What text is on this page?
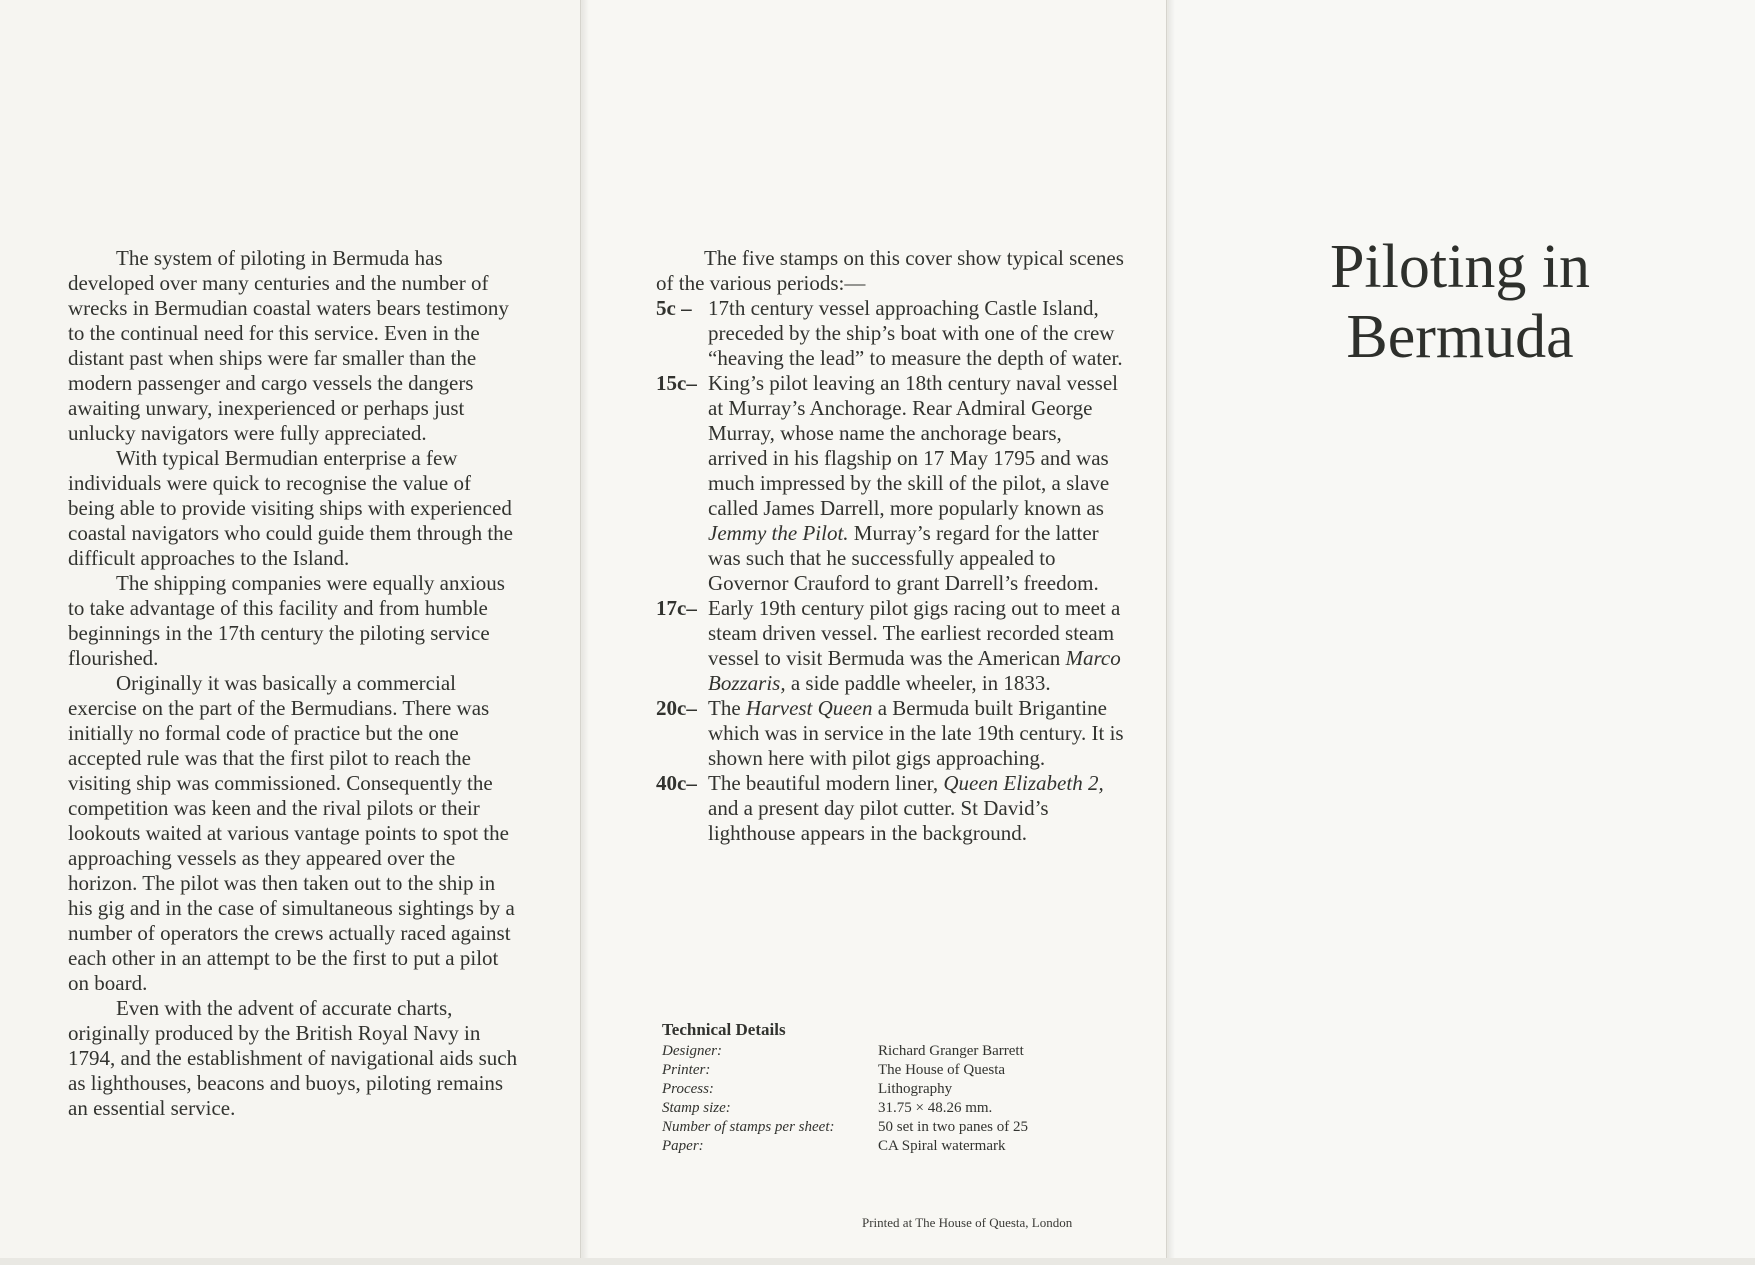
The system of piloting in Bermuda has developed over many centuries and the number of wrecks in Bermudian coastal waters bears testimony to the continual need for this service. Even in the distant past when ships were far smaller than the modern passenger and cargo vessels the dangers awaiting unwary, inexperienced or perhaps just unlucky navigators were fully appreciated.

With typical Bermudian enterprise a few individuals were quick to recognise the value of being able to provide visiting ships with experienced coastal navigators who could guide them through the difficult approaches to the Island.

The shipping companies were equally anxious to take advantage of this facility and from humble beginnings in the 17th century the piloting service flourished.

Originally it was basically a commercial exercise on the part of the Bermudians. There was initially no formal code of practice but the one accepted rule was that the first pilot to reach the visiting ship was commissioned. Consequently the competition was keen and the rival pilots or their lookouts waited at various vantage points to spot the approaching vessels as they appeared over the horizon. The pilot was then taken out to the ship in his gig and in the case of simultaneous sightings by a number of operators the crews actually raced against each other in an attempt to be the first to put a pilot on board.

Even with the advent of accurate charts, originally produced by the British Royal Navy in 1794, and the establishment of navigational aids such as lighthouses, beacons and buoys, piloting remains an essential service.

The five stamps on this cover show typical scenes of the various periods:—

5c – 17th century vessel approaching Castle Island, preceded by the ship’s boat with one of the crew “heaving the lead” to measure the depth of water.
15c– King’s pilot leaving an 18th century naval vessel at Murray’s Anchorage. Rear Admiral George Murray, whose name the anchorage bears, arrived in his flagship on 17 May 1795 and was much impressed by the skill of the pilot, a slave called James Darrell, more popularly known as Jemmy the Pilot. Murray’s regard for the latter was such that he successfully appealed to Governor Crauford to grant Darrell’s freedom.
17c– Early 19th century pilot gigs racing out to meet a steam driven vessel. The earliest recorded steam vessel to visit Bermuda was the American Marco Bozzaris, a side paddle wheeler, in 1833.
20c– The Harvest Queen a Bermuda built Brigantine which was in service in the late 19th century. It is shown here with pilot gigs approaching.
40c– The beautiful modern liner, Queen Elizabeth 2, and a present day pilot cutter. St David’s lighthouse appears in the background.
Technical Details
Designer:	Richard Granger Barrett
Printer:	The House of Questa
Process:	Lithography
Stamp size:	31.75 × 48.26 mm.
Number of stamps per sheet:	50 set in two panes of 25
Paper:	CA Spiral watermark
Printed at The House of Questa, London
Piloting in
Bermuda
